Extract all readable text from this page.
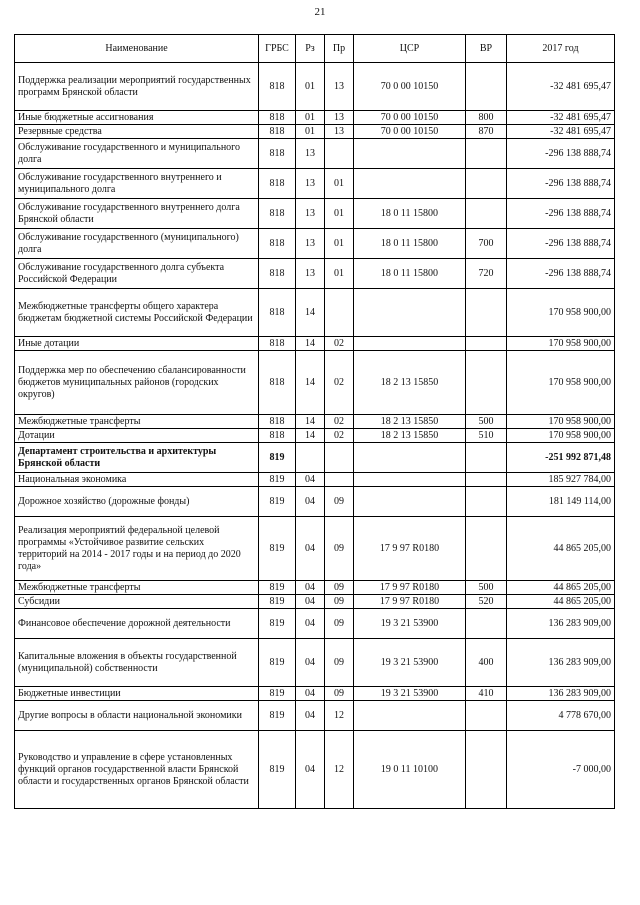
21
Наименование	ГРБС	Рз	Пр	ЦСР	ВР	2017 год
Поддержка реализации мероприятий государственных программ Брянской области	818	01	13	70 0 00 10150		-32 481 695,47
Иные бюджетные ассигнования	818	01	13	70 0 00 10150	800	-32 481 695,47
Резервные средства	818	01	13	70 0 00 10150	870	-32 481 695,47
Обслуживание государственного и муниципального долга	818	13				-296 138 888,74
Обслуживание государственного внутреннего и муниципального долга	818	13	01			-296 138 888,74
Обслуживание государственного внутреннего долга Брянской области	818	13	01	18 0 11 15800		-296 138 888,74
Обслуживание государственного (муниципального) долга	818	13	01	18 0 11 15800	700	-296 138 888,74
Обслуживание государственного долга субъекта Российской Федерации	818	13	01	18 0 11 15800	720	-296 138 888,74
Межбюджетные трансферты общего характера бюджетам бюджетной системы Российской Федерации	818	14				170 958 900,00
Иные дотации	818	14	02			170 958 900,00
Поддержка мер по обеспечению сбалансированности бюджетов муниципальных районов (городских округов)	818	14	02	18 2 13 15850		170 958 900,00
Межбюджетные трансферты	818	14	02	18 2 13 15850	500	170 958 900,00
Дотации	818	14	02	18 2 13 15850	510	170 958 900,00
Департамент строительства и архитектуры Брянской области	819					-251 992 871,48
Национальная экономика	819	04				185 927 784,00
Дорожное хозяйство (дорожные фонды)	819	04	09			181 149 114,00
Реализация мероприятий федеральной целевой программы «Устойчивое развитие сельских территорий на 2014 - 2017 годы и на период до 2020 года»	819	04	09	17 9 97 R0180		44 865 205,00
Межбюджетные трансферты	819	04	09	17 9 97 R0180	500	44 865 205,00
Субсидии	819	04	09	17 9 97 R0180	520	44 865 205,00
Финансовое обеспечение дорожной деятельности	819	04	09	19 3 21 53900		136 283 909,00
Капитальные вложения в объекты государственной (муниципальной) собственности	819	04	09	19 3 21 53900	400	136 283 909,00
Бюджетные инвестиции	819	04	09	19 3 21 53900	410	136 283 909,00
Другие вопросы в области национальной экономики	819	04	12			4 778 670,00
Руководство и управление в сфере установленных функций органов государственной власти Брянской области и государственных органов Брянской области	819	04	12	19 0 11 10100		-7 000,00
